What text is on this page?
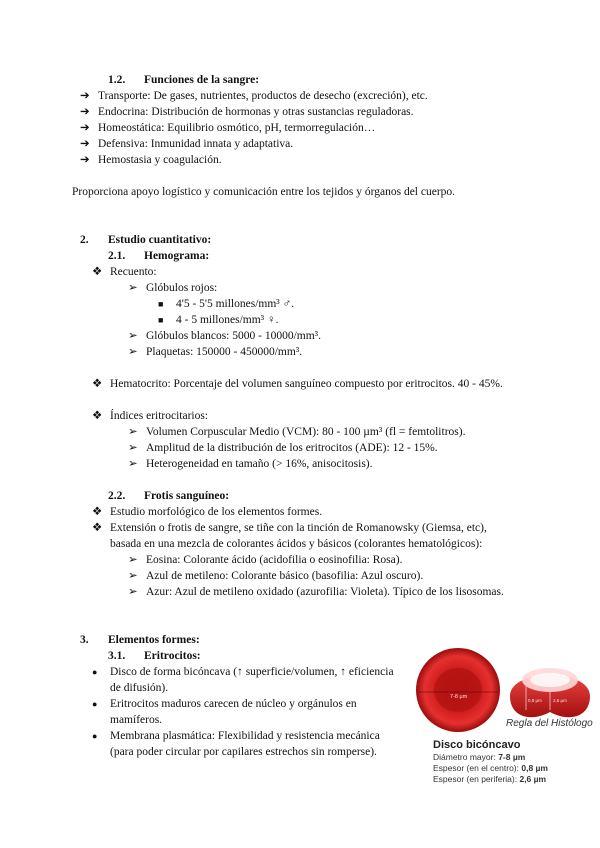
1.2. Funciones de la sangre:
➔ Transporte: De gases, nutrientes, productos de desecho (excreción), etc.
➔ Endocrina: Distribución de hormonas y otras sustancias reguladoras.
➔ Homeostática: Equilibrio osmótico, pH, termorregulación…
➔ Defensiva: Inmunidad innata y adaptativa.
➔ Hemostasia y coagulación.
Proporciona apoyo logístico y comunicación entre los tejidos y órganos del cuerpo.
2. Estudio cuantitativo:
2.1. Hemograma:
❖ Recuento:
➢ Glóbulos rojos:
■ 4'5 - 5'5 millones/mm³ ♂.
■ 4 - 5 millones/mm³ ♀.
➢ Glóbulos blancos: 5000 - 10000/mm³.
➢ Plaquetas: 150000 - 450000/mm³.
❖ Hematocrito: Porcentaje del volumen sanguíneo compuesto por eritrocitos. 40 - 45%.
❖ Índices eritrocitarios:
➢ Volumen Corpuscular Medio (VCM): 80 - 100 µm³ (fl = femtolitros).
➢ Amplitud de la distribución de los eritrocitos (ADE): 12 - 15%.
➢ Heterogeneidad en tamaño (> 16%, anisocitosis).
2.2. Frotis sanguíneo:
❖ Estudio morfológico de los elementos formes.
❖ Extensión o frotis de sangre, se tiñe con la tinción de Romanowsky (Giemsa, etc),
basada en una mezcla de colorantes ácidos y básicos (colorantes hematológicos):
➢ Eosina: Colorante ácido (acidofilia o eosinofilia: Rosa).
➢ Azul de metileno: Colorante básico (basofilia: Azul oscuro).
➢ Azur: Azul de metileno oxidado (azurofilia: Violeta). Típico de los lisosomas.
3. Elementos formes:
3.1. Eritrocitos:
● Disco de forma bicóncava (↑ superficie/volumen, ↑ eficiencia
de difusión).
● Eritrocitos maduros carecen de núcleo y orgánulos en
mamíferos.
● Membrana plasmática: Flexibilidad y resistencia mecánica
(para poder circular por capilares estrechos sin romperse).
7-8 µm
0,8 µm 2,6 µm
Regla del Histólogo
Disco bicóncavo
Diámetro mayor: 7-8 µm
Espesor (en el centro): 0,8 µm
Espesor (en periferia): 2,6 µm
